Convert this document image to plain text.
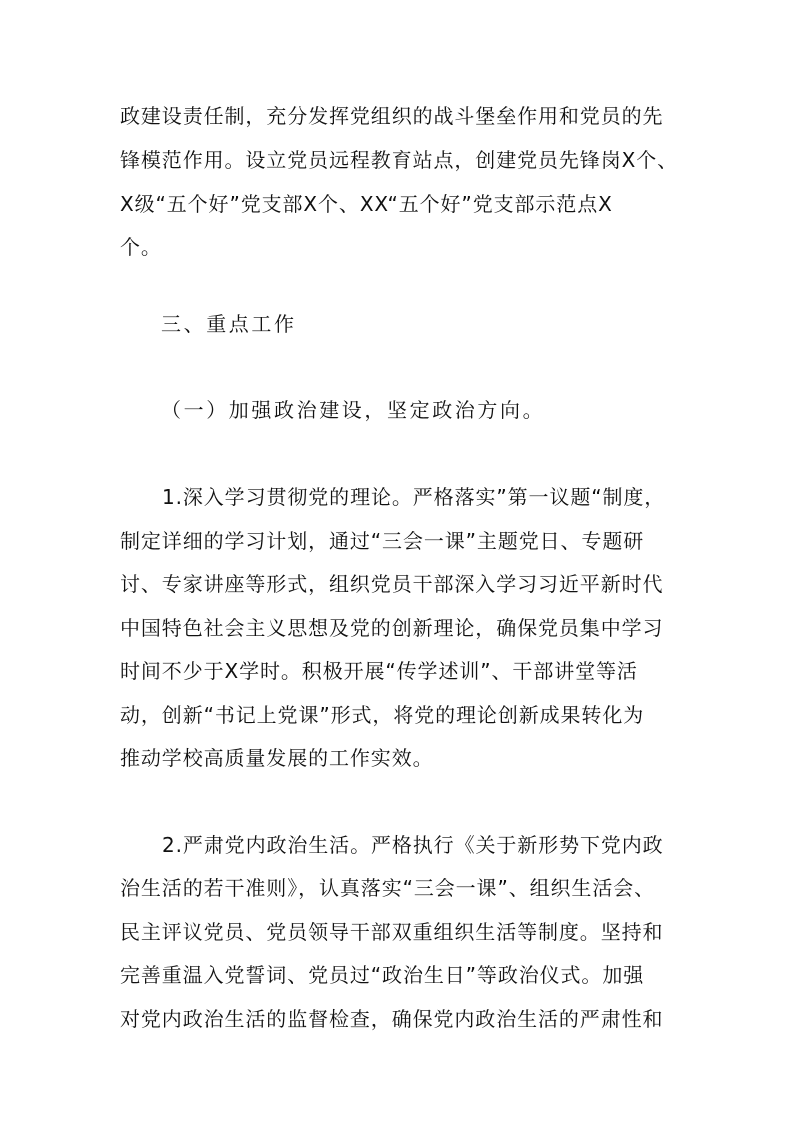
政建设责任制，充分发挥党组织的战斗堡垒作用和党员的先
锋模范作用。设立党员远程教育站点，创建党员先锋岗X个、
X级“五个好”党支部X个、XX“五个好”党支部示范点X
个。
三、重点工作
（一）加强政治建设，坚定政治方向。
1.深入学习贯彻党的理论。严格落实”第一议题“制度，
制定详细的学习计划，通过“三会一课”主题党日、专题研
讨、专家讲座等形式，组织党员干部深入学习习近平新时代
中国特色社会主义思想及党的创新理论，确保党员集中学习
时间不少于X学时。积极开展“传学述训”、干部讲堂等活
动，创新“书记上党课”形式，将党的理论创新成果转化为
推动学校高质量发展的工作实效。
2.严肃党内政治生活。严格执行《关于新形势下党内政
治生活的若干准则》，认真落实“三会一课”、组织生活会、
民主评议党员、党员领导干部双重组织生活等制度。坚持和
完善重温入党誓词、党员过“政治生日”等政治仪式。加强
对党内政治生活的监督检查，确保党内政治生活的严肃性和
